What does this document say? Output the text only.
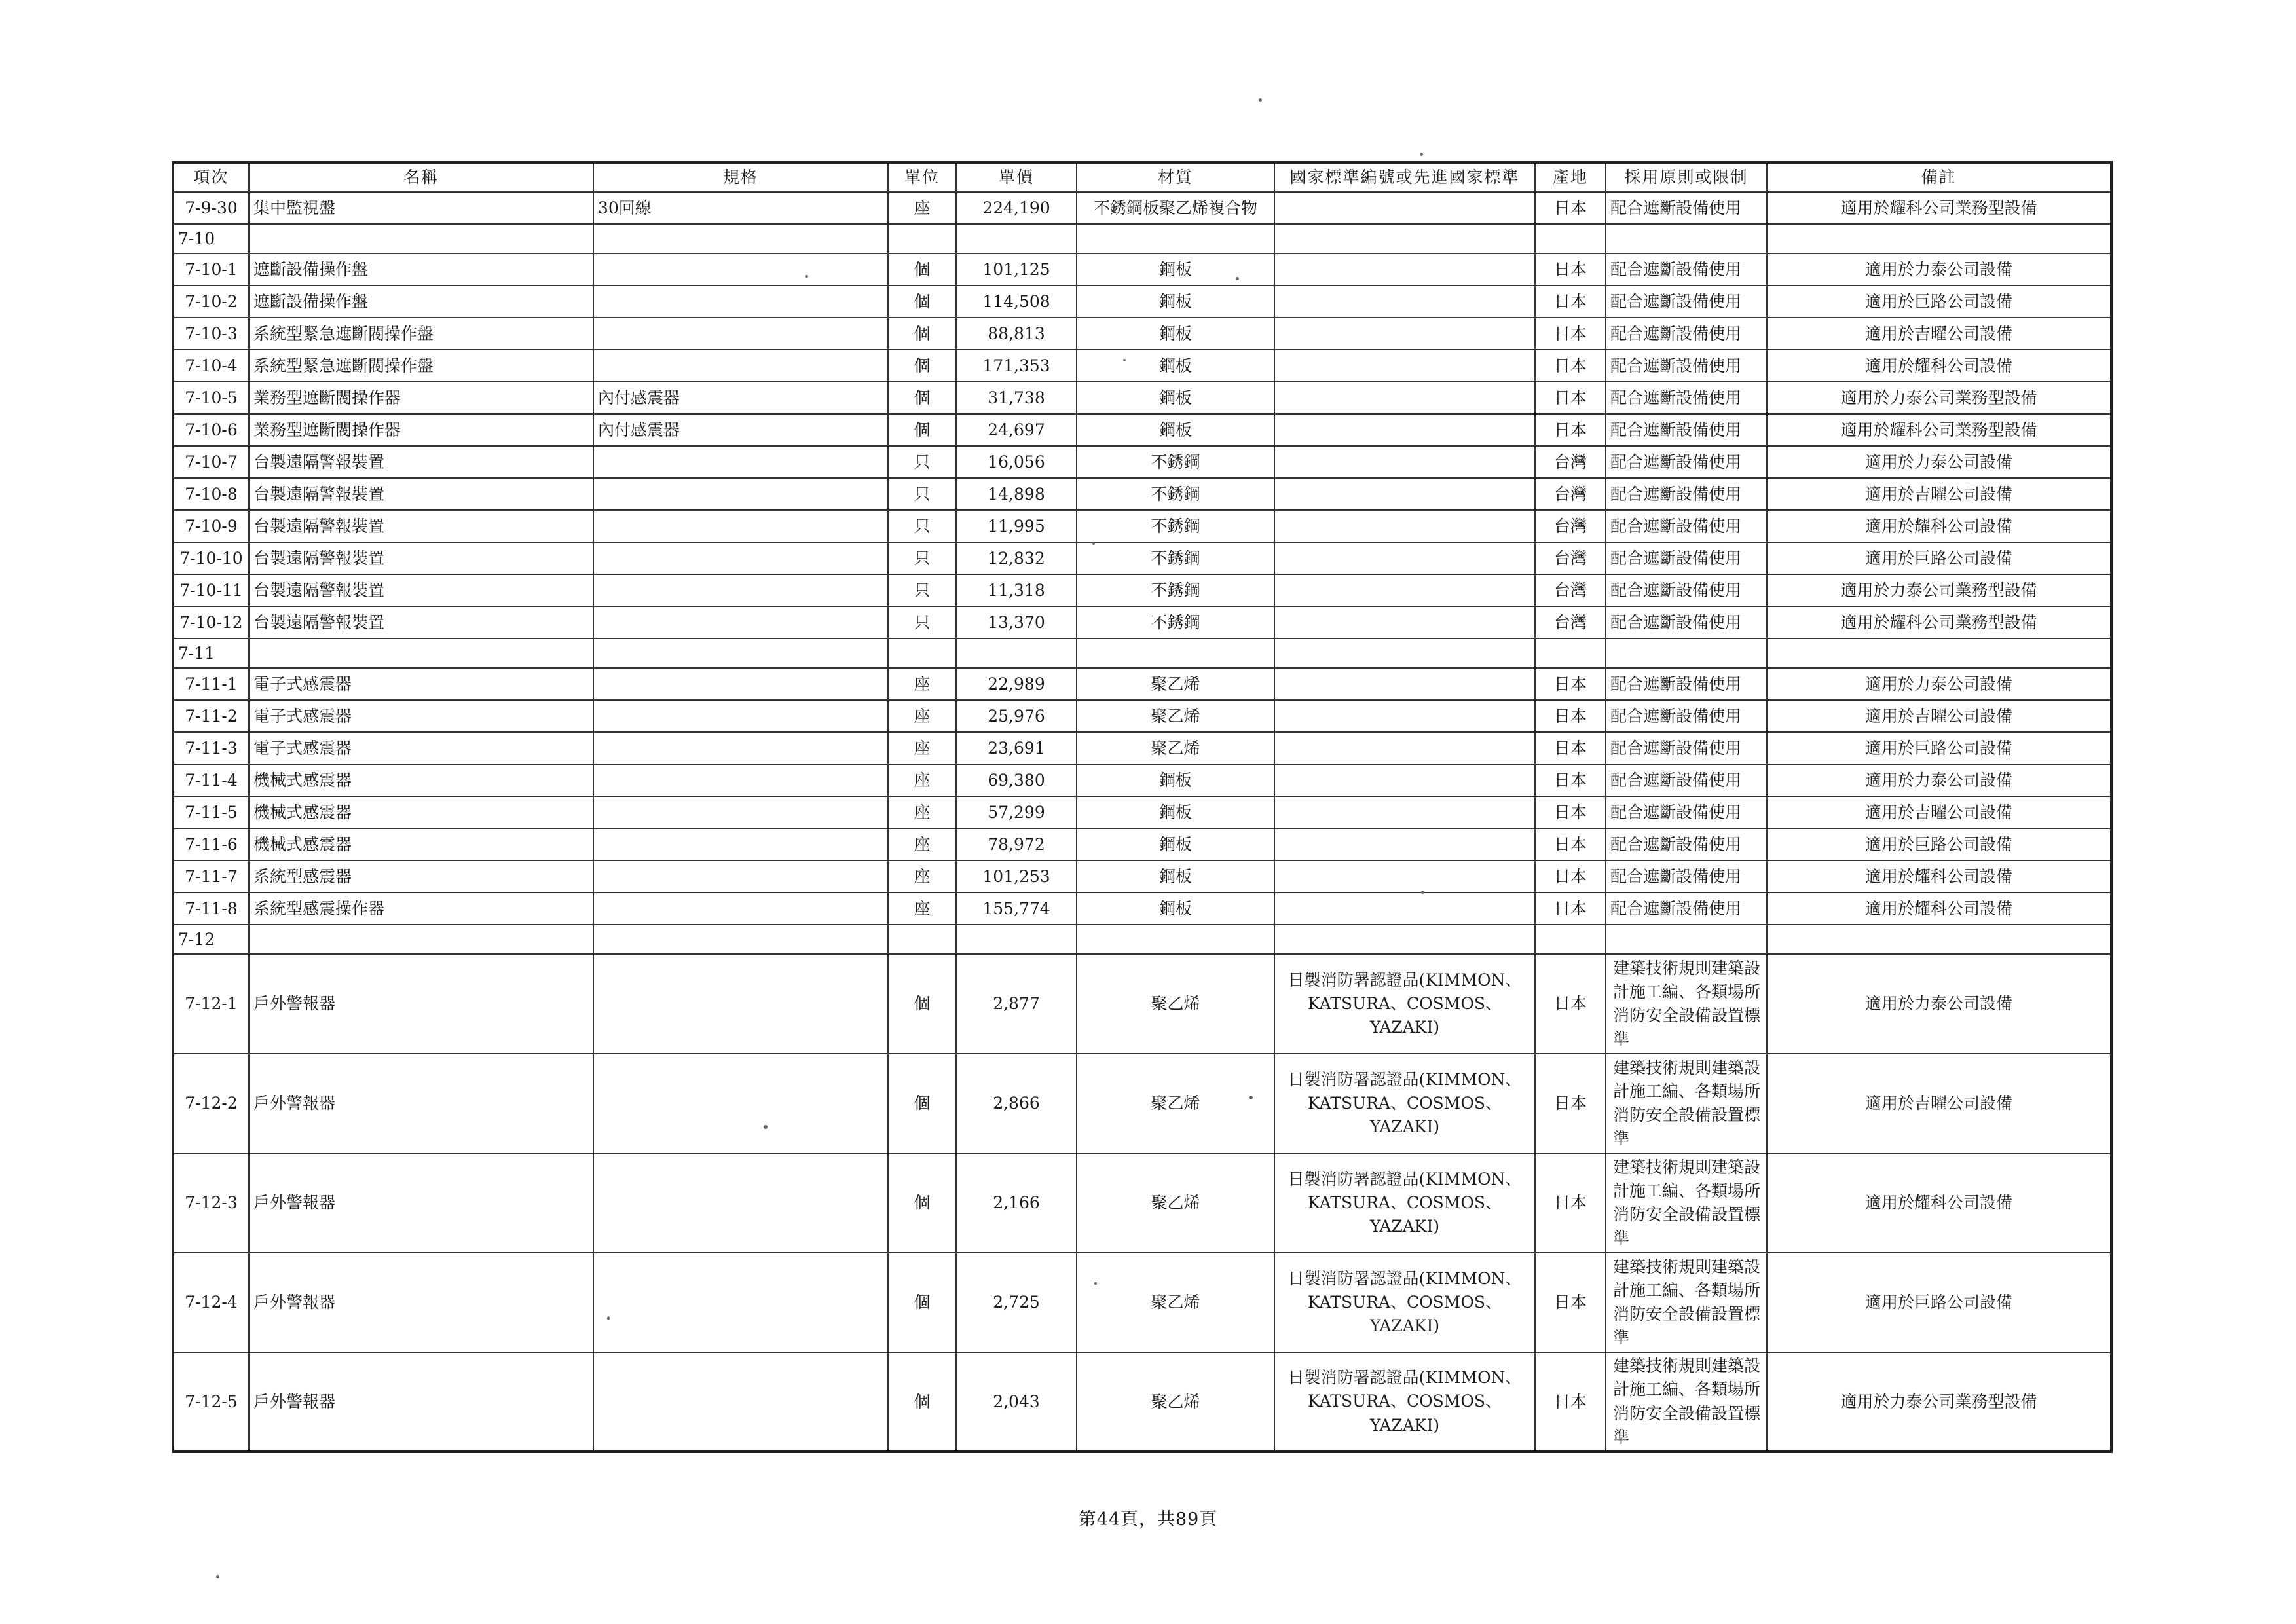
項次	名稱	規格	單位	單價	材質	國家標準編號或先進國家標準	產地	採用原則或限制	備註
7-9-30	集中監視盤	30回線	座	224,190	不銹鋼板聚乙烯複合物		日本	配合遮斷設備使用	適用於耀科公司業務型設備
7-10									
7-10-1	遮斷設備操作盤		個	101,125	鋼板		日本	配合遮斷設備使用	適用於力泰公司設備
7-10-2	遮斷設備操作盤		個	114,508	鋼板		日本	配合遮斷設備使用	適用於巨路公司設備
7-10-3	系統型緊急遮斷閥操作盤		個	88,813	鋼板		日本	配合遮斷設備使用	適用於吉曜公司設備
7-10-4	系統型緊急遮斷閥操作盤		個	171,353	鋼板		日本	配合遮斷設備使用	適用於耀科公司設備
7-10-5	業務型遮斷閥操作器	內付感震器	個	31,738	鋼板		日本	配合遮斷設備使用	適用於力泰公司業務型設備
7-10-6	業務型遮斷閥操作器	內付感震器	個	24,697	鋼板		日本	配合遮斷設備使用	適用於耀科公司業務型設備
7-10-7	台製遠隔警報裝置		只	16,056	不銹鋼		台灣	配合遮斷設備使用	適用於力泰公司設備
7-10-8	台製遠隔警報裝置		只	14,898	不銹鋼		台灣	配合遮斷設備使用	適用於吉曜公司設備
7-10-9	台製遠隔警報裝置		只	11,995	不銹鋼		台灣	配合遮斷設備使用	適用於耀科公司設備
7-10-10	台製遠隔警報裝置		只	12,832	不銹鋼		台灣	配合遮斷設備使用	適用於巨路公司設備
7-10-11	台製遠隔警報裝置		只	11,318	不銹鋼		台灣	配合遮斷設備使用	適用於力泰公司業務型設備
7-10-12	台製遠隔警報裝置		只	13,370	不銹鋼		台灣	配合遮斷設備使用	適用於耀科公司業務型設備
7-11									
7-11-1	電子式感震器		座	22,989	聚乙烯		日本	配合遮斷設備使用	適用於力泰公司設備
7-11-2	電子式感震器		座	25,976	聚乙烯		日本	配合遮斷設備使用	適用於吉曜公司設備
7-11-3	電子式感震器		座	23,691	聚乙烯		日本	配合遮斷設備使用	適用於巨路公司設備
7-11-4	機械式感震器		座	69,380	鋼板		日本	配合遮斷設備使用	適用於力泰公司設備
7-11-5	機械式感震器		座	57,299	鋼板		日本	配合遮斷設備使用	適用於吉曜公司設備
7-11-6	機械式感震器		座	78,972	鋼板		日本	配合遮斷設備使用	適用於巨路公司設備
7-11-7	系統型感震器		座	101,253	鋼板		日本	配合遮斷設備使用	適用於耀科公司設備
7-11-8	系統型感震操作器		座	155,774	鋼板		日本	配合遮斷設備使用	適用於耀科公司設備
7-12									
7-12-1	戶外警報器		個	2,877	聚乙烯	日製消防署認證品(KIMMON、KATSURA、COSMOS、YAZAKI)	日本	建築技術規則建築設計施工編、各類場所消防安全設備設置標準	適用於力泰公司設備
7-12-2	戶外警報器		個	2,866	聚乙烯	日製消防署認證品(KIMMON、KATSURA、COSMOS、YAZAKI)	日本	建築技術規則建築設計施工編、各類場所消防安全設備設置標準	適用於吉曜公司設備
7-12-3	戶外警報器		個	2,166	聚乙烯	日製消防署認證品(KIMMON、KATSURA、COSMOS、YAZAKI)	日本	建築技術規則建築設計施工編、各類場所消防安全設備設置標準	適用於耀科公司設備
7-12-4	戶外警報器		個	2,725	聚乙烯	日製消防署認證品(KIMMON、KATSURA、COSMOS、YAZAKI)	日本	建築技術規則建築設計施工編、各類場所消防安全設備設置標準	適用於巨路公司設備
7-12-5	戶外警報器		個	2,043	聚乙烯	日製消防署認證品(KIMMON、KATSURA、COSMOS、YAZAKI)	日本	建築技術規則建築設計施工編、各類場所消防安全設備設置標準	適用於力泰公司業務型設備
第44頁，共89頁
